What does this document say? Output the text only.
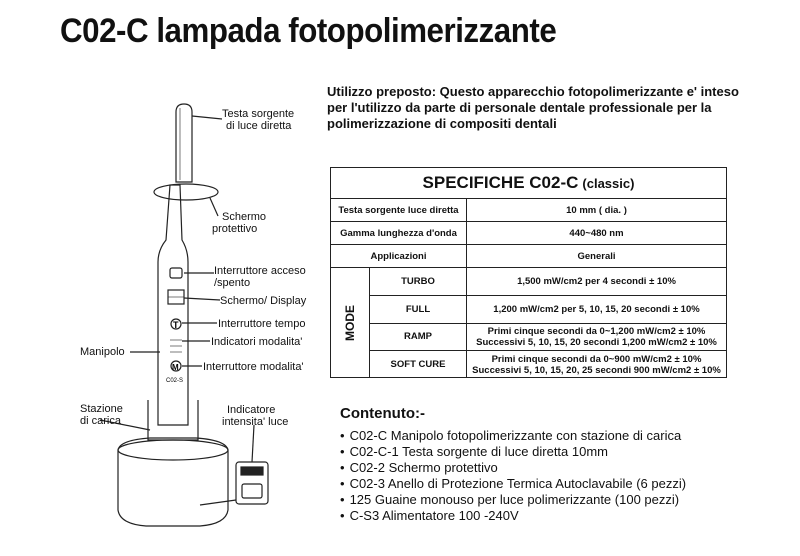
C02-C lampada fotopolimerizzante
Utilizzo preposto: Questo apparecchio fotopolimerizzante e' inteso
per l'utilizzo da parte di personale dentale professionale per la
polimerizzazione di compositi dentali
T
M
C02-S
Testa sorgente
di luce diretta
Schermo
protettivo
Interruttore acceso
/spento
Schermo/ Display
Interruttore tempo
Indicatori modalita'
Interruttore modalita'
Manipolo
Stazione
di carica
Indicatore
intensita' luce
SPECIFICHE C02-C (classic)
Testa sorgente luce diretta	10 mm ( dia. )
Gamma lunghezza d'onda	440~480 nm
Applicazioni	Generali
MODE
TURBO	1,500 mW/cm2 per 4 secondi ± 10%
FULL	1,200 mW/cm2 per 5, 10, 15, 20 secondi ± 10%
RAMP	Primi cinque secondi da 0~1,200 mW/cm2 ± 10%
Successivi 5, 10, 15, 20 secondi 1,200 mW/cm2 ± 10%
SOFT CURE	Primi cinque secondi da 0~900 mW/cm2 ± 10%
Successivi 5, 10, 15, 20, 25 secondi 900 mW/cm2 ± 10%
Contenuto:-
• C02-C Manipolo fotopolimerizzante con stazione di carica
• C02-C-1 Testa sorgente di luce diretta 10mm
• C02-2 Schermo protettivo
• C02-3 Anello di Protezione Termica Autoclavabile (6 pezzi)
• 125 Guaine monouso per luce polimerizzante (100 pezzi)
• C-S3 Alimentatore 100 -240V
